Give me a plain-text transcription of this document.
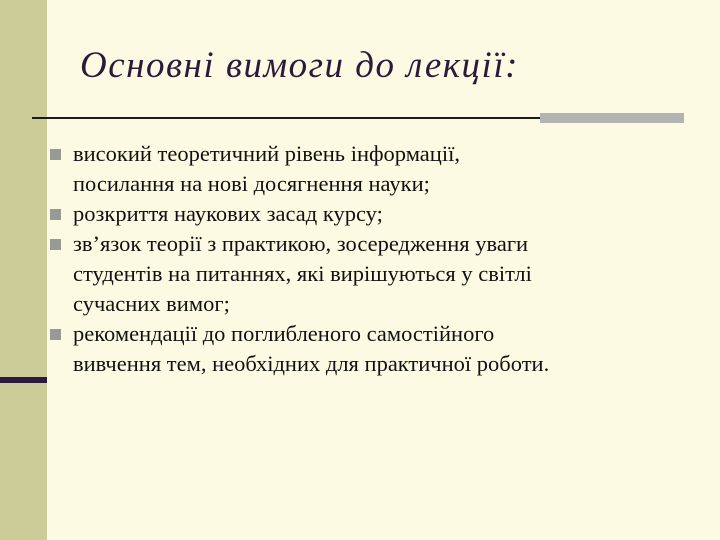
Основні вимоги до лекції:
високий теоретичний рівень інформації,
посилання на нові досягнення науки;
розкриття наукових засад курсу;
зв’язок теорії з практикою, зосередження уваги
студентів на питаннях, які вирішуються у світлі
сучасних вимог;
рекомендації до поглибленого самостійного
вивчення тем, необхідних для практичної роботи.
